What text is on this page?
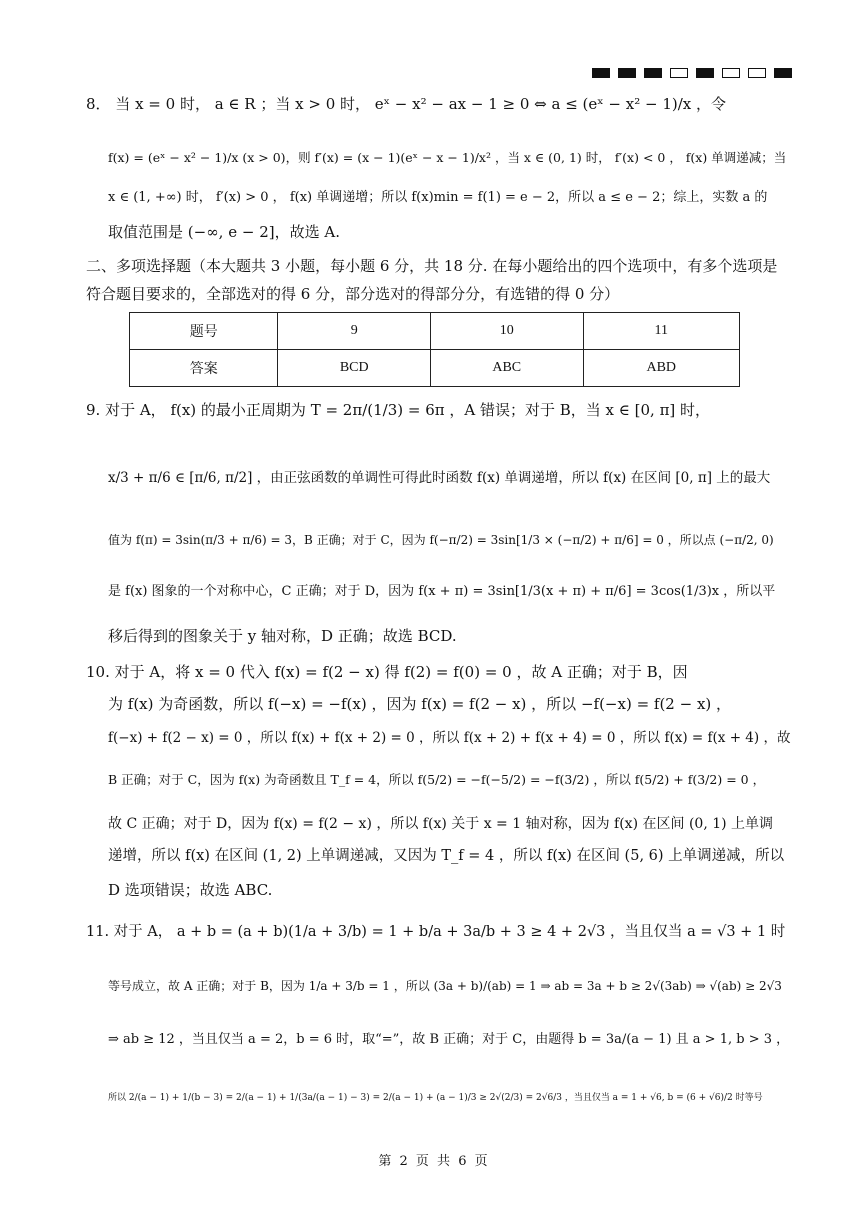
8． 当 x = 0 时， a ∈ R ；当 x > 0 时， eˣ − x² − ax − 1 ≥ 0 ⇔ a ≤ (eˣ − x² − 1)/x ，令
f(x) = (eˣ − x² − 1)/x (x > 0)，则 f′(x) = (x − 1)(eˣ − x − 1)/x² ，当 x ∈ (0, 1) 时， f′(x) < 0 ， f(x) 单调递减；当
x ∈ (1, +∞) 时， f′(x) > 0 ， f(x) 单调递增；所以 f(x)min = f(1) = e − 2，所以 a ≤ e − 2；综上，实数 a 的
取值范围是 (−∞, e − 2]，故选 A.
二、多项选择题（本大题共 3 小题，每小题 6 分，共 18 分. 在每小题给出的四个选项中，有多个选项是
符合题目要求的，全部选对的得 6 分，部分选对的得部分分，有选错的得 0 分）
题号	9	10	11
答案	BCD	ABC	ABD
9. 对于 A， f(x) 的最小正周期为 T = 2π/(1/3) = 6π ，A 错误；对于 B，当 x ∈ [0, π] 时，
x/3 + π/6 ∈ [π/6, π/2] ，由正弦函数的单调性可得此时函数 f(x) 单调递增，所以 f(x) 在区间 [0, π] 上的最大
值为 f(π) = 3sin(π/3 + π/6) = 3，B 正确；对于 C，因为 f(−π/2) = 3sin[1/3 × (−π/2) + π/6] = 0 ，所以点 (−π/2, 0)
是 f(x) 图象的一个对称中心，C 正确；对于 D，因为 f(x + π) = 3sin[1/3(x + π) + π/6] = 3cos(1/3)x ，所以平
移后得到的图象关于 y 轴对称，D 正确；故选 BCD.
10. 对于 A，将 x = 0 代入 f(x) = f(2 − x) 得 f(2) = f(0) = 0 ，故 A 正确；对于 B，因
为 f(x) 为奇函数，所以 f(−x) = −f(x) ，因为 f(x) = f(2 − x) ，所以 −f(−x) = f(2 − x) ，
f(−x) + f(2 − x) = 0 ，所以 f(x) + f(x + 2) = 0 ，所以 f(x + 2) + f(x + 4) = 0 ，所以 f(x) = f(x + 4) ，故
B 正确；对于 C，因为 f(x) 为奇函数且 T_f = 4，所以 f(5/2) = −f(−5/2) = −f(3/2) ，所以 f(5/2) + f(3/2) = 0 ，
故 C 正确；对于 D，因为 f(x) = f(2 − x) ，所以 f(x) 关于 x = 1 轴对称，因为 f(x) 在区间 (0, 1) 上单调
递增，所以 f(x) 在区间 (1, 2) 上单调递减，又因为 T_f = 4 ，所以 f(x) 在区间 (5, 6) 上单调递减，所以
D 选项错误；故选 ABC.
11. 对于 A， a + b = (a + b)(1/a + 3/b) = 1 + b/a + 3a/b + 3 ≥ 4 + 2√3 ，当且仅当 a = √3 + 1 时
等号成立，故 A 正确；对于 B，因为 1/a + 3/b = 1 ，所以 (3a + b)/(ab) = 1 ⇒ ab = 3a + b ≥ 2√(3ab) ⇒ √(ab) ≥ 2√3
⇒ ab ≥ 12 ，当且仅当 a = 2，b = 6 时，取“=”，故 B 正确；对于 C，由题得 b = 3a/(a − 1) 且 a > 1, b > 3 ，
所以 2/(a − 1) + 1/(b − 3) = 2/(a − 1) + 1/(3a/(a − 1) − 3) = 2/(a − 1) + (a − 1)/3 ≥ 2√(2/3) = 2√6/3 ，当且仅当 a = 1 + √6, b = (6 + √6)/2 时等号
第 2 页 共 6 页
